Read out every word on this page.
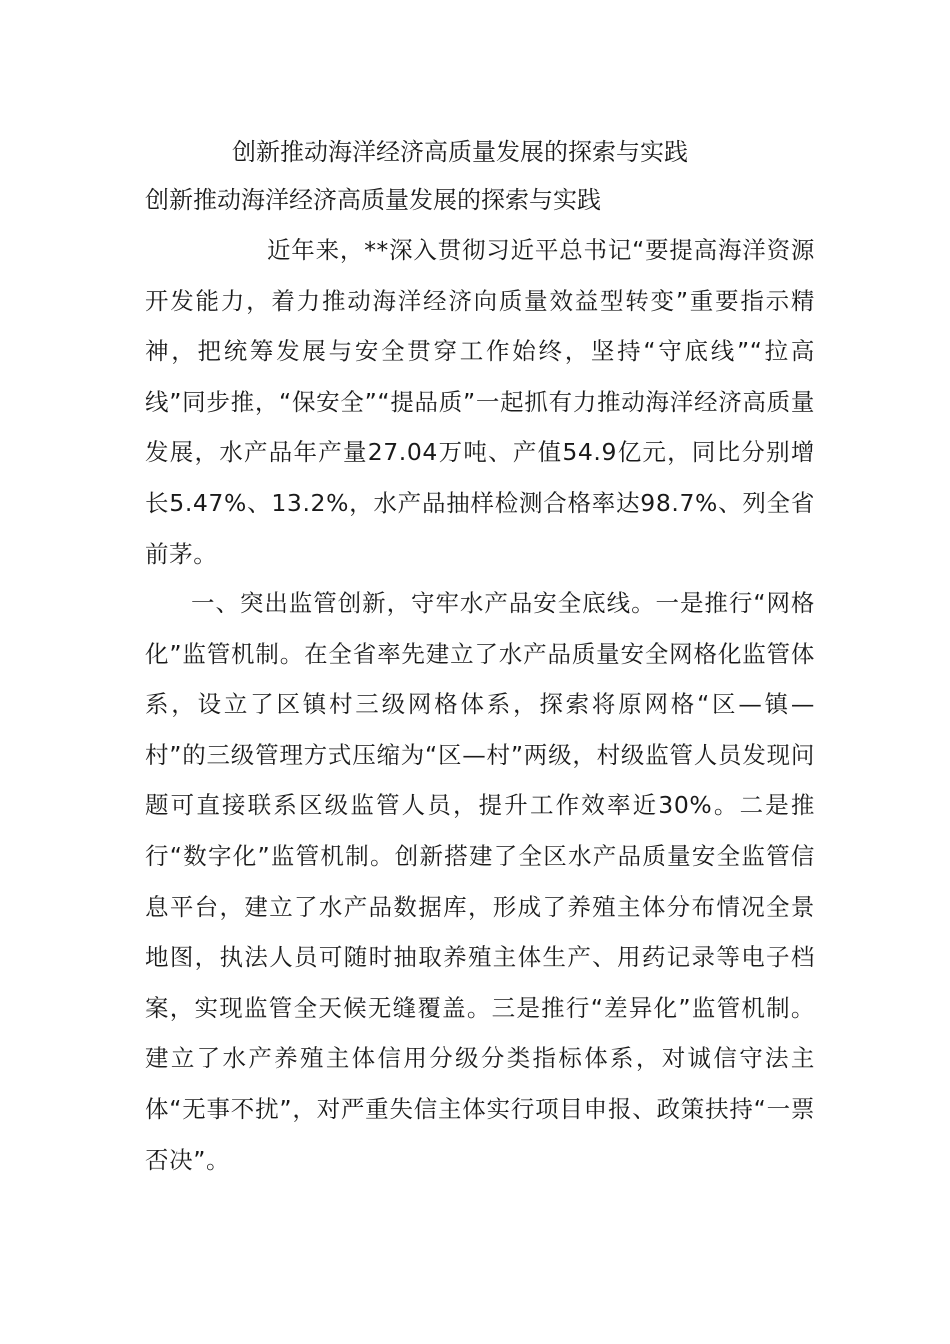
创新推动海洋经济高质量发展的探索与实践
创新推动海洋经济高质量发展的探索与实践

近年来，**深入贯彻习近平总书记“要提高海洋资源开发能力，着力推动海洋经济向质量效益型转变”重要指示精神，把统筹发展与安全贯穿工作始终，坚持“守底线”“拉高线”同步推，“保安全”“提品质”一起抓有力推动海洋经济高质量发展，水产品年产量27.04万吨、产值54.9亿元，同比分别增长5.47%、13.2%，水产品抽样检测合格率达98.7%、列全省前茅。

一、突出监管创新，守牢水产品安全底线。一是推行“网格化”监管机制。在全省率先建立了水产品质量安全网格化监管体系，设立了区镇村三级网格体系，探索将原网格“区—镇—村”的三级管理方式压缩为“区—村”两级，村级监管人员发现问题可直接联系区级监管人员，提升工作效率近30%。二是推行“数字化”监管机制。创新搭建了全区水产品质量安全监管信息平台，建立了水产品数据库，形成了养殖主体分布情况全景地图，执法人员可随时抽取养殖主体生产、用药记录等电子档案，实现监管全天候无缝覆盖。三是推行“差异化”监管机制。建立了水产养殖主体信用分级分类指标体系，对诚信守法主体“无事不扰”，对严重失信主体实行项目申报、政策扶持“一票否决”。
